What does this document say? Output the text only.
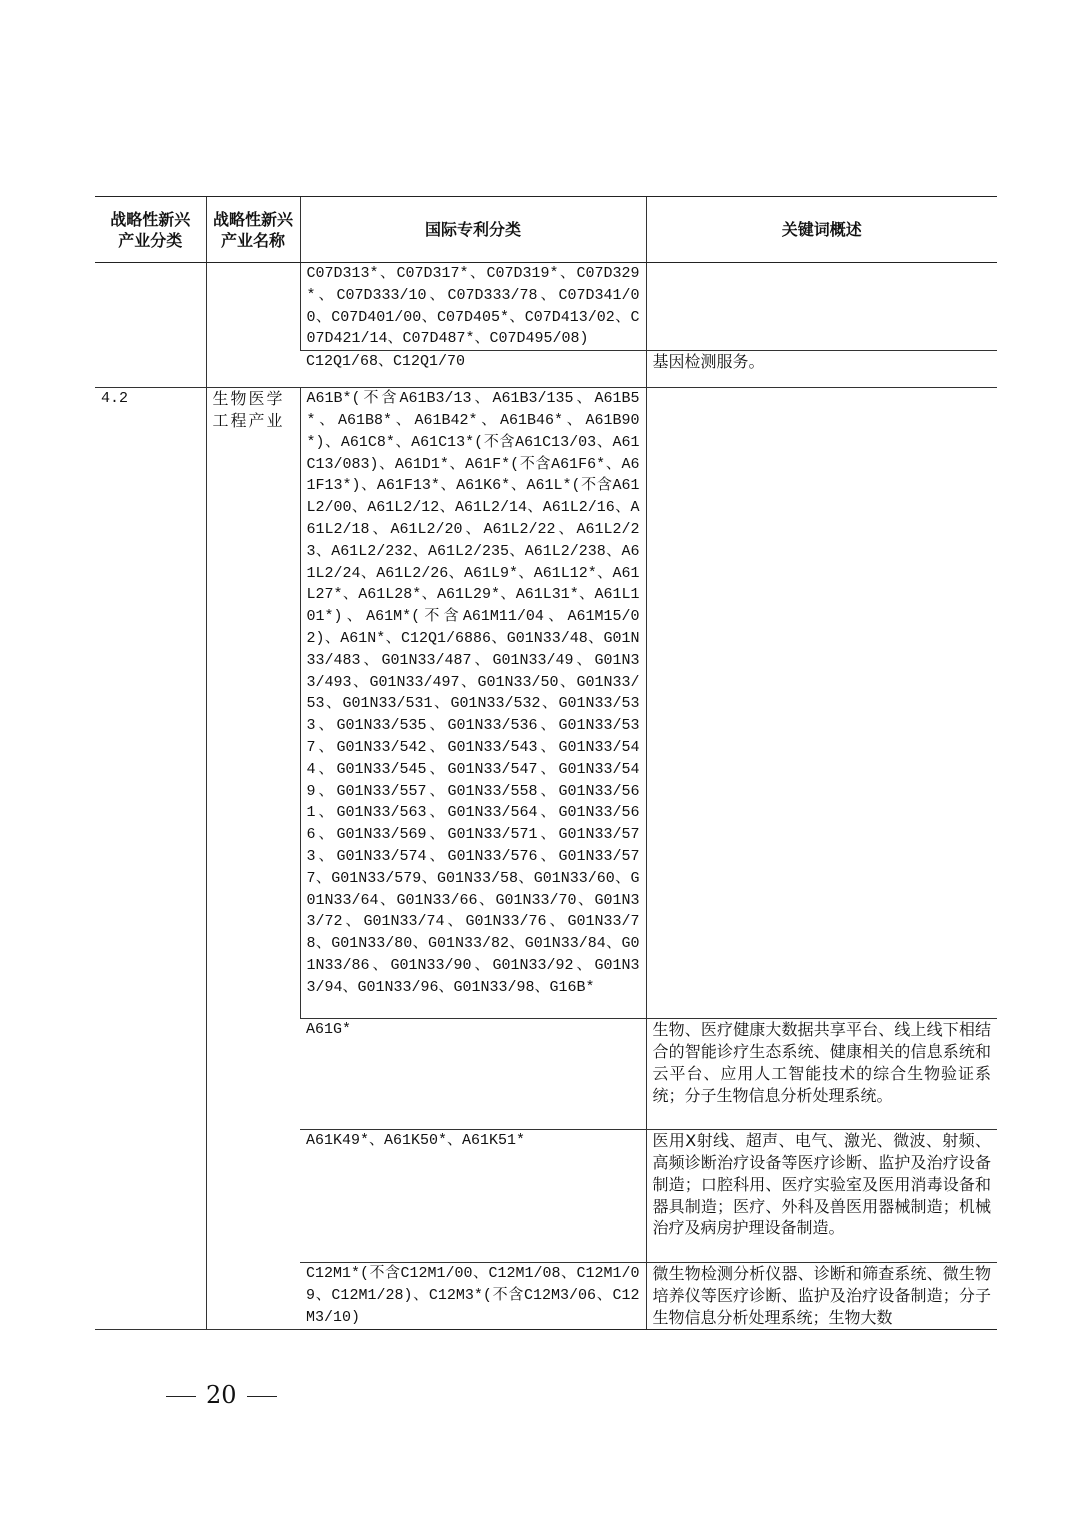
战略性新兴产业分类	战略性新兴产业名称	国际专利分类	关键词概述
		C07D313*、C07D317*、C07D319*、C07D329*、C07D333/10、C07D333/78、C07D341/00、C07D401/00、C07D405*、C07D413/02、C07D421/14、C07D487*、C07D495/08)	
		C12Q1/68、C12Q1/70	基因检测服务。
4.2	生物医学工程产业	A61B*(不含A61B3/13、A61B3/135、A61B5*、A61B8*、A61B42*、A61B46*、A61B90*)、A61C8*、A61C13*(不含A61C13/03、A61C13/083)、A61D1*、A61F*(不含A61F6*、A61F13*)、A61F13*、A61K6*、A61L*(不含A61L2/00、A61L2/12、A61L2/14、A61L2/16、A61L2/18、A61L2/20、A61L2/22、A61L2/23、A61L2/232、A61L2/235、A61L2/238、A61L2/24、A61L2/26、A61L9*、A61L12*、A61L27*、A61L28*、A61L29*、A61L31*、A61L101*)、A61M*(不含A61M11/04、A61M15/02)、A61N*、C12Q1/6886、G01N33/48、G01N33/483、G01N33/487、G01N33/49、G01N33/493、G01N33/497、G01N33/50、G01N33/53、G01N33/531、G01N33/532、G01N33/533、G01N33/535、G01N33/536、G01N33/537、G01N33/542、G01N33/543、G01N33/544、G01N33/545、G01N33/547、G01N33/549、G01N33/557、G01N33/558、G01N33/561、G01N33/563、G01N33/564、G01N33/566、G01N33/569、G01N33/571、G01N33/573、G01N33/574、G01N33/576、G01N33/577、G01N33/579、G01N33/58、G01N33/60、G01N33/64、G01N33/66、G01N33/70、G01N33/72、G01N33/74、G01N33/76、G01N33/78、G01N33/80、G01N33/82、G01N33/84、G01N33/86、G01N33/90、G01N33/92、G01N33/94、G01N33/96、G01N33/98、G16B*	
		A61G*	生物、医疗健康大数据共享平台、线上线下相结合的智能诊疗生态系统、健康相关的信息系统和云平台、应用人工智能技术的综合生物验证系统；分子生物信息分析处理系统。
		A61K49*、A61K50*、A61K51*	医用X射线、超声、电气、激光、微波、射频、高频诊断治疗设备等医疗诊断、监护及治疗设备制造；口腔科用、医疗实验室及医用消毒设备和器具制造；医疗、外科及兽医用器械制造；机械治疗及病房护理设备制造。
		C12M1*(不含C12M1/00、C12M1/08、C12M1/09、C12M1/28)、C12M3*(不含C12M3/06、C12M3/10)	微生物检测分析仪器、诊断和筛查系统、微生物培养仪等医疗诊断、监护及治疗设备制造；分子生物信息分析处理系统；生物大数
20
